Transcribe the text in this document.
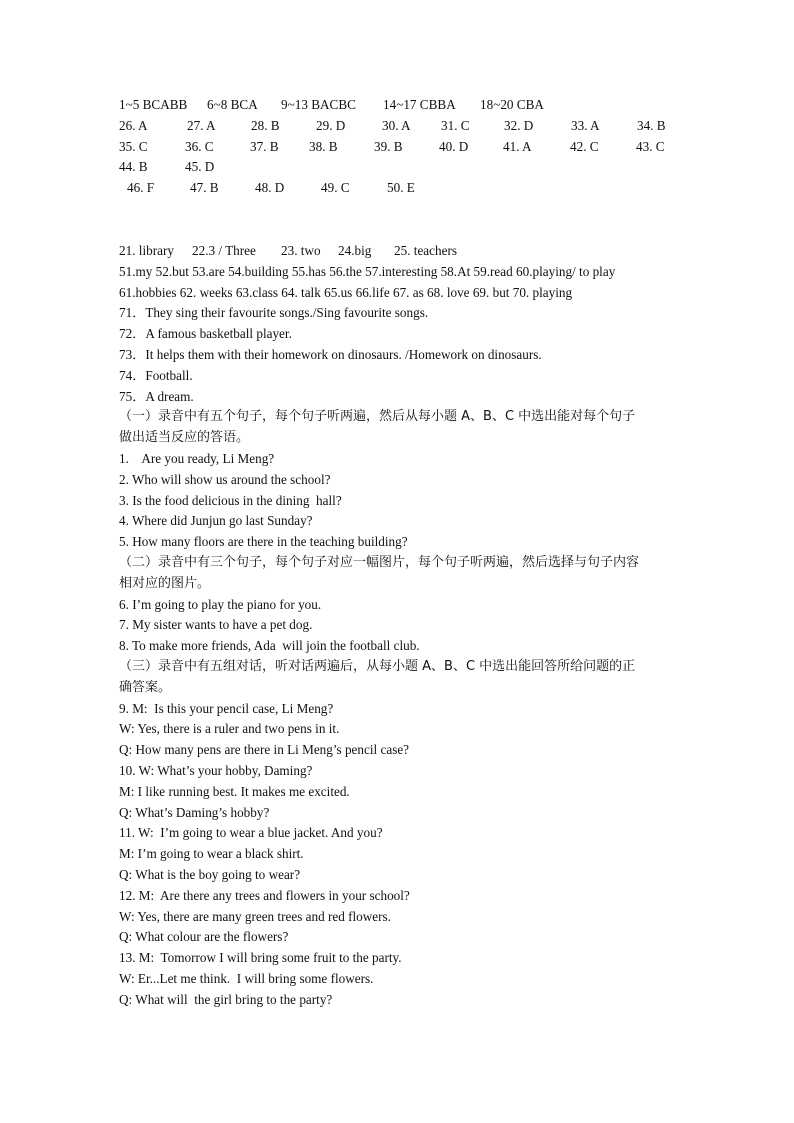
1~5 BCABB 6~8 BCA 9~13 BACBC 14~17 CBBA 18~20 CBA
26. A	27. A	28. B	29. D	30. A 31. C	32. D	33. A	34. B
35. C	36. C	37. B 38. B	39. B	40. D	41. A	42. C	43. C
44. B	45. D
46. F	47. B	48. D	49. C	50. E
21. library 22.3 / Three 23. two 24.big 25. teachers
51.my 52.but 53.are 54.building 55.has 56.the 57.interesting 58.At 59.read 60.playing/ to play
61.hobbies 62. weeks 63.class 64. talk 65.us 66.life 67. as 68. love 69. but 70. playing
71．They sing their favourite songs./Sing favourite songs.
72．A famous basketball player.
73．It helps them with their homework on dinosaurs. /Homework on dinosaurs.
74．Football.
75．A dream.
（一）录音中有五个句子，每个句子听两遍，然后从每小题 A、B、C 中选出能对每个句子
做出适当反应的答语。
1.    Are you ready, Li Meng?
2. Who will show us around the school?
3. Is the food delicious in the dining  hall?
4. Where did Junjun go last Sunday?
5. How many floors are there in the teaching building?
（二）录音中有三个句子，每个句子对应一幅图片，每个句子听两遍，然后选择与句子内容
相对应的图片。
6. I’m going to play the piano for you.
7. My sister wants to have a pet dog.
8. To make more friends, Ada  will join the football club.
（三）录音中有五组对话，听对话两遍后，从每小题 A、B、C 中选出能回答所给问题的正
确答案。
9. M:  Is this your pencil case, Li Meng?
W: Yes, there is a ruler and two pens in it.
Q: How many pens are there in Li Meng’s pencil case?
10. W: What’s your hobby, Daming?
M: I like running best. It makes me excited.
Q: What’s Daming’s hobby?
11. W:  I’m going to wear a blue jacket. And you?
M: I’m going to wear a black shirt.
Q: What is the boy going to wear?
12. M:  Are there any trees and flowers in your school?
W: Yes, there are many green trees and red flowers.
Q: What colour are the flowers?
13. M:  Tomorrow I will bring some fruit to the party.
W: Er...Let me think.  I will bring some flowers.
Q: What will  the girl bring to the party?
